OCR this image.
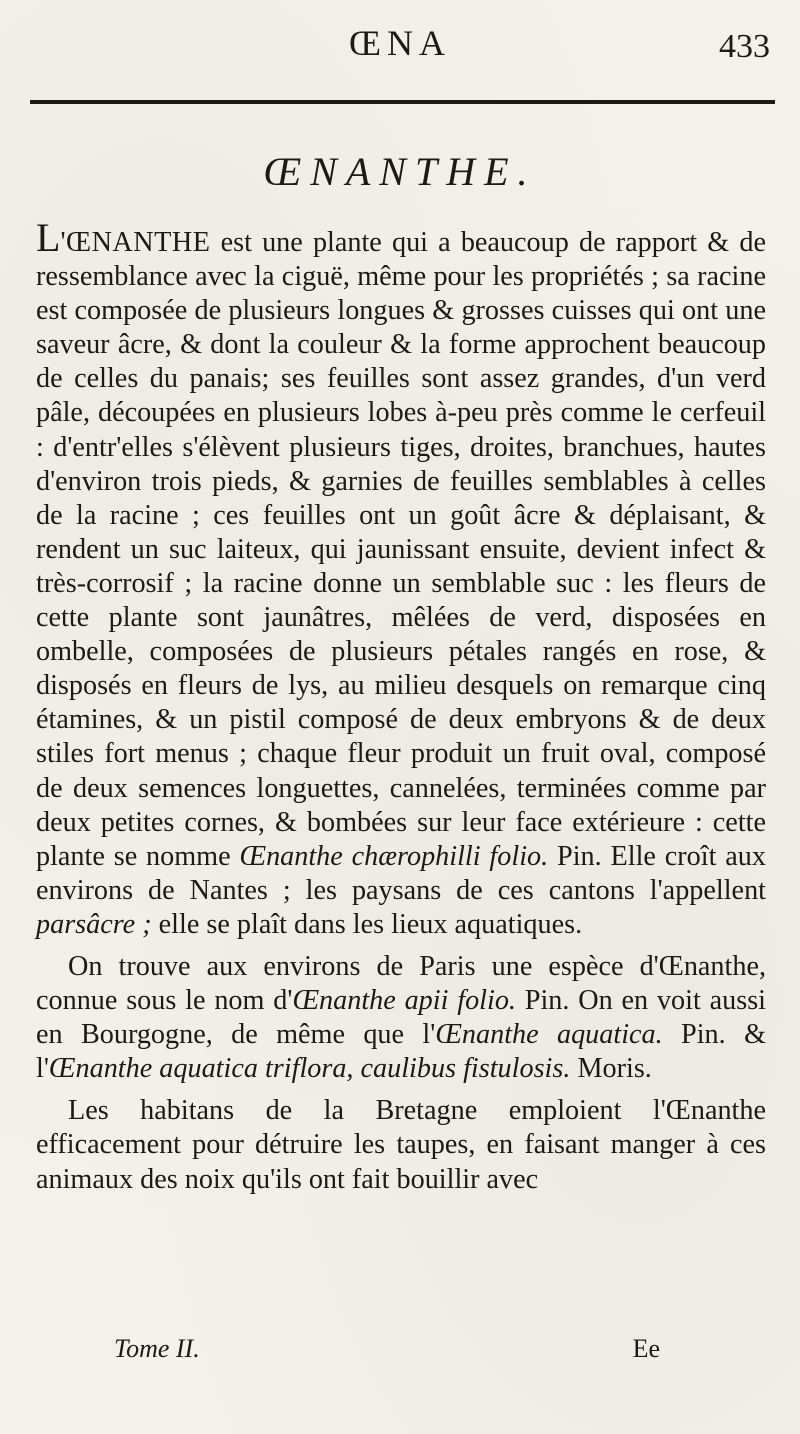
ŒNA	433
ŒNANTHE.

L'ŒNANTHE est une plante qui a beaucoup de rapport & de ressemblance avec la ciguë, même pour les propriétés ; sa racine est composée de plusieurs longues & grosses cuisses qui ont une saveur âcre, & dont la couleur & la forme approchent beaucoup de celles du panais; ses feuilles sont assez grandes, d'un verd pâle, découpées en plusieurs lobes à-peu près comme le cerfeuil : d'entr'elles s'élèvent plusieurs tiges, droites, branchues, hautes d'environ trois pieds, & garnies de feuilles semblables à celles de la racine ; ces feuilles ont un goût âcre & déplaisant, & rendent un suc laiteux, qui jaunissant ensuite, devient infect & très-corrosif ; la racine donne un semblable suc : les fleurs de cette plante sont jaunâtres, mêlées de verd, disposées en ombelle, composées de plusieurs pétales rangés en rose, & disposés en fleurs de lys, au milieu desquels on remarque cinq étamines, & un pistil composé de deux embryons & de deux stiles fort menus ; chaque fleur produit un fruit oval, composé de deux semences longuettes, cannelées, terminées comme par deux petites cornes, & bombées sur leur face extérieure : cette plante se nomme Œnanthe chærophilli folio. Pin. Elle croît aux environs de Nantes ; les paysans de ces cantons l'appellent parsâcre ; elle se plaît dans les lieux aquatiques.

On trouve aux environs de Paris une espèce d'Œnanthe, connue sous le nom d'Œnanthe apii folio. Pin. On en voit aussi en Bourgogne, de même que l'Œnanthe aquatica. Pin. & l'Œnanthe aquatica triflora, caulibus fistulosis. Moris.

Les habitans de la Bretagne emploient l'Œnanthe efficacement pour détruire les taupes, en faisant manger à ces animaux des noix qu'ils ont fait bouillir avec

Tome II.	Ee
